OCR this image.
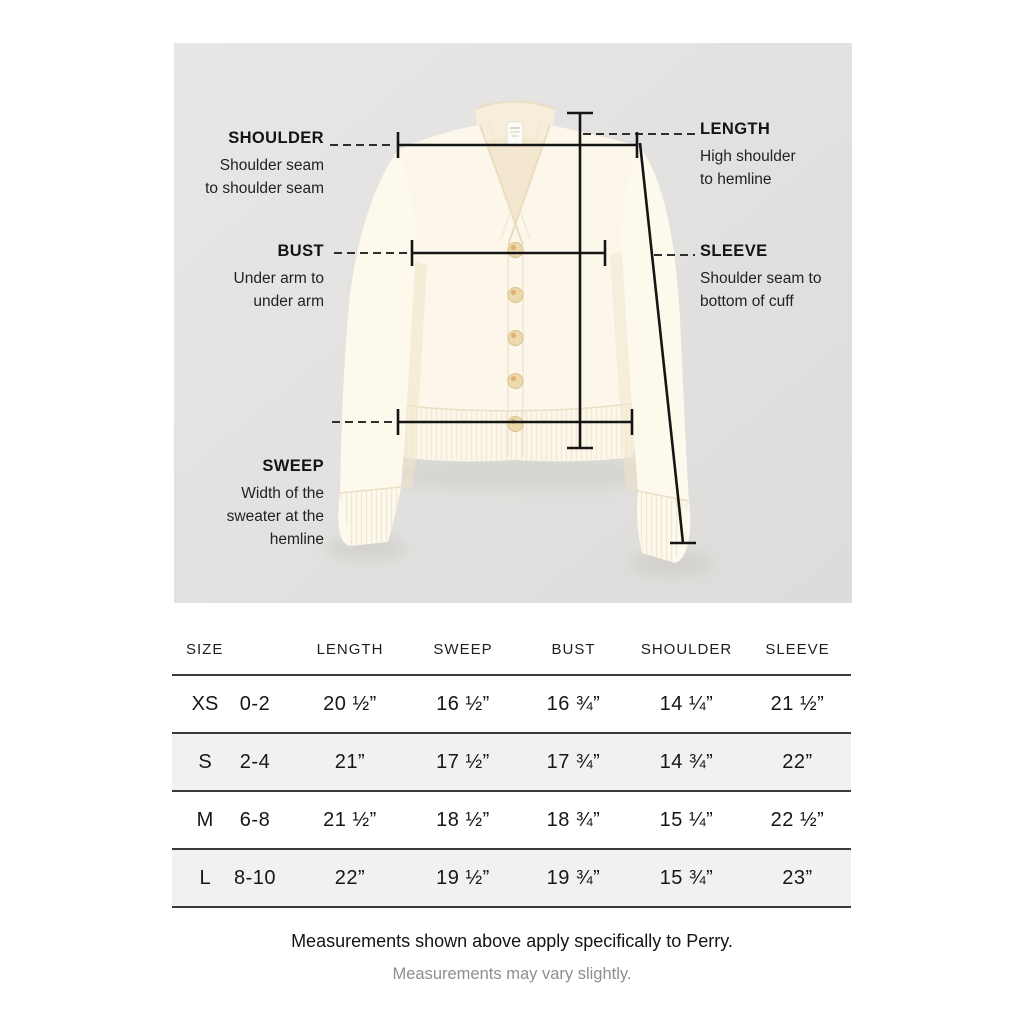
SHOULDER
Shoulder seam
to shoulder seam
BUST
Under arm to
under arm
SWEEP
Width of the
sweater at the
hemline
LENGTH
High shoulder
to hemline
SLEEVE
Shoulder seam to
bottom of cuff
SIZE	LENGTH	SWEEP	BUST	SHOULDER	SLEEVE
XS	0-2	20 ½”	16 ½”	16 ¾”	14 ¼”	21 ½”
S	2-4	21”	17 ½”	17 ¾”	14 ¾”	22”
M	6-8	21 ½”	18 ½”	18 ¾”	15 ¼”	22 ½”
L	8-10	22”	19 ½”	19 ¾”	15 ¾”	23”
Measurements shown above apply specifically to Perry.
Measurements may vary slightly.
